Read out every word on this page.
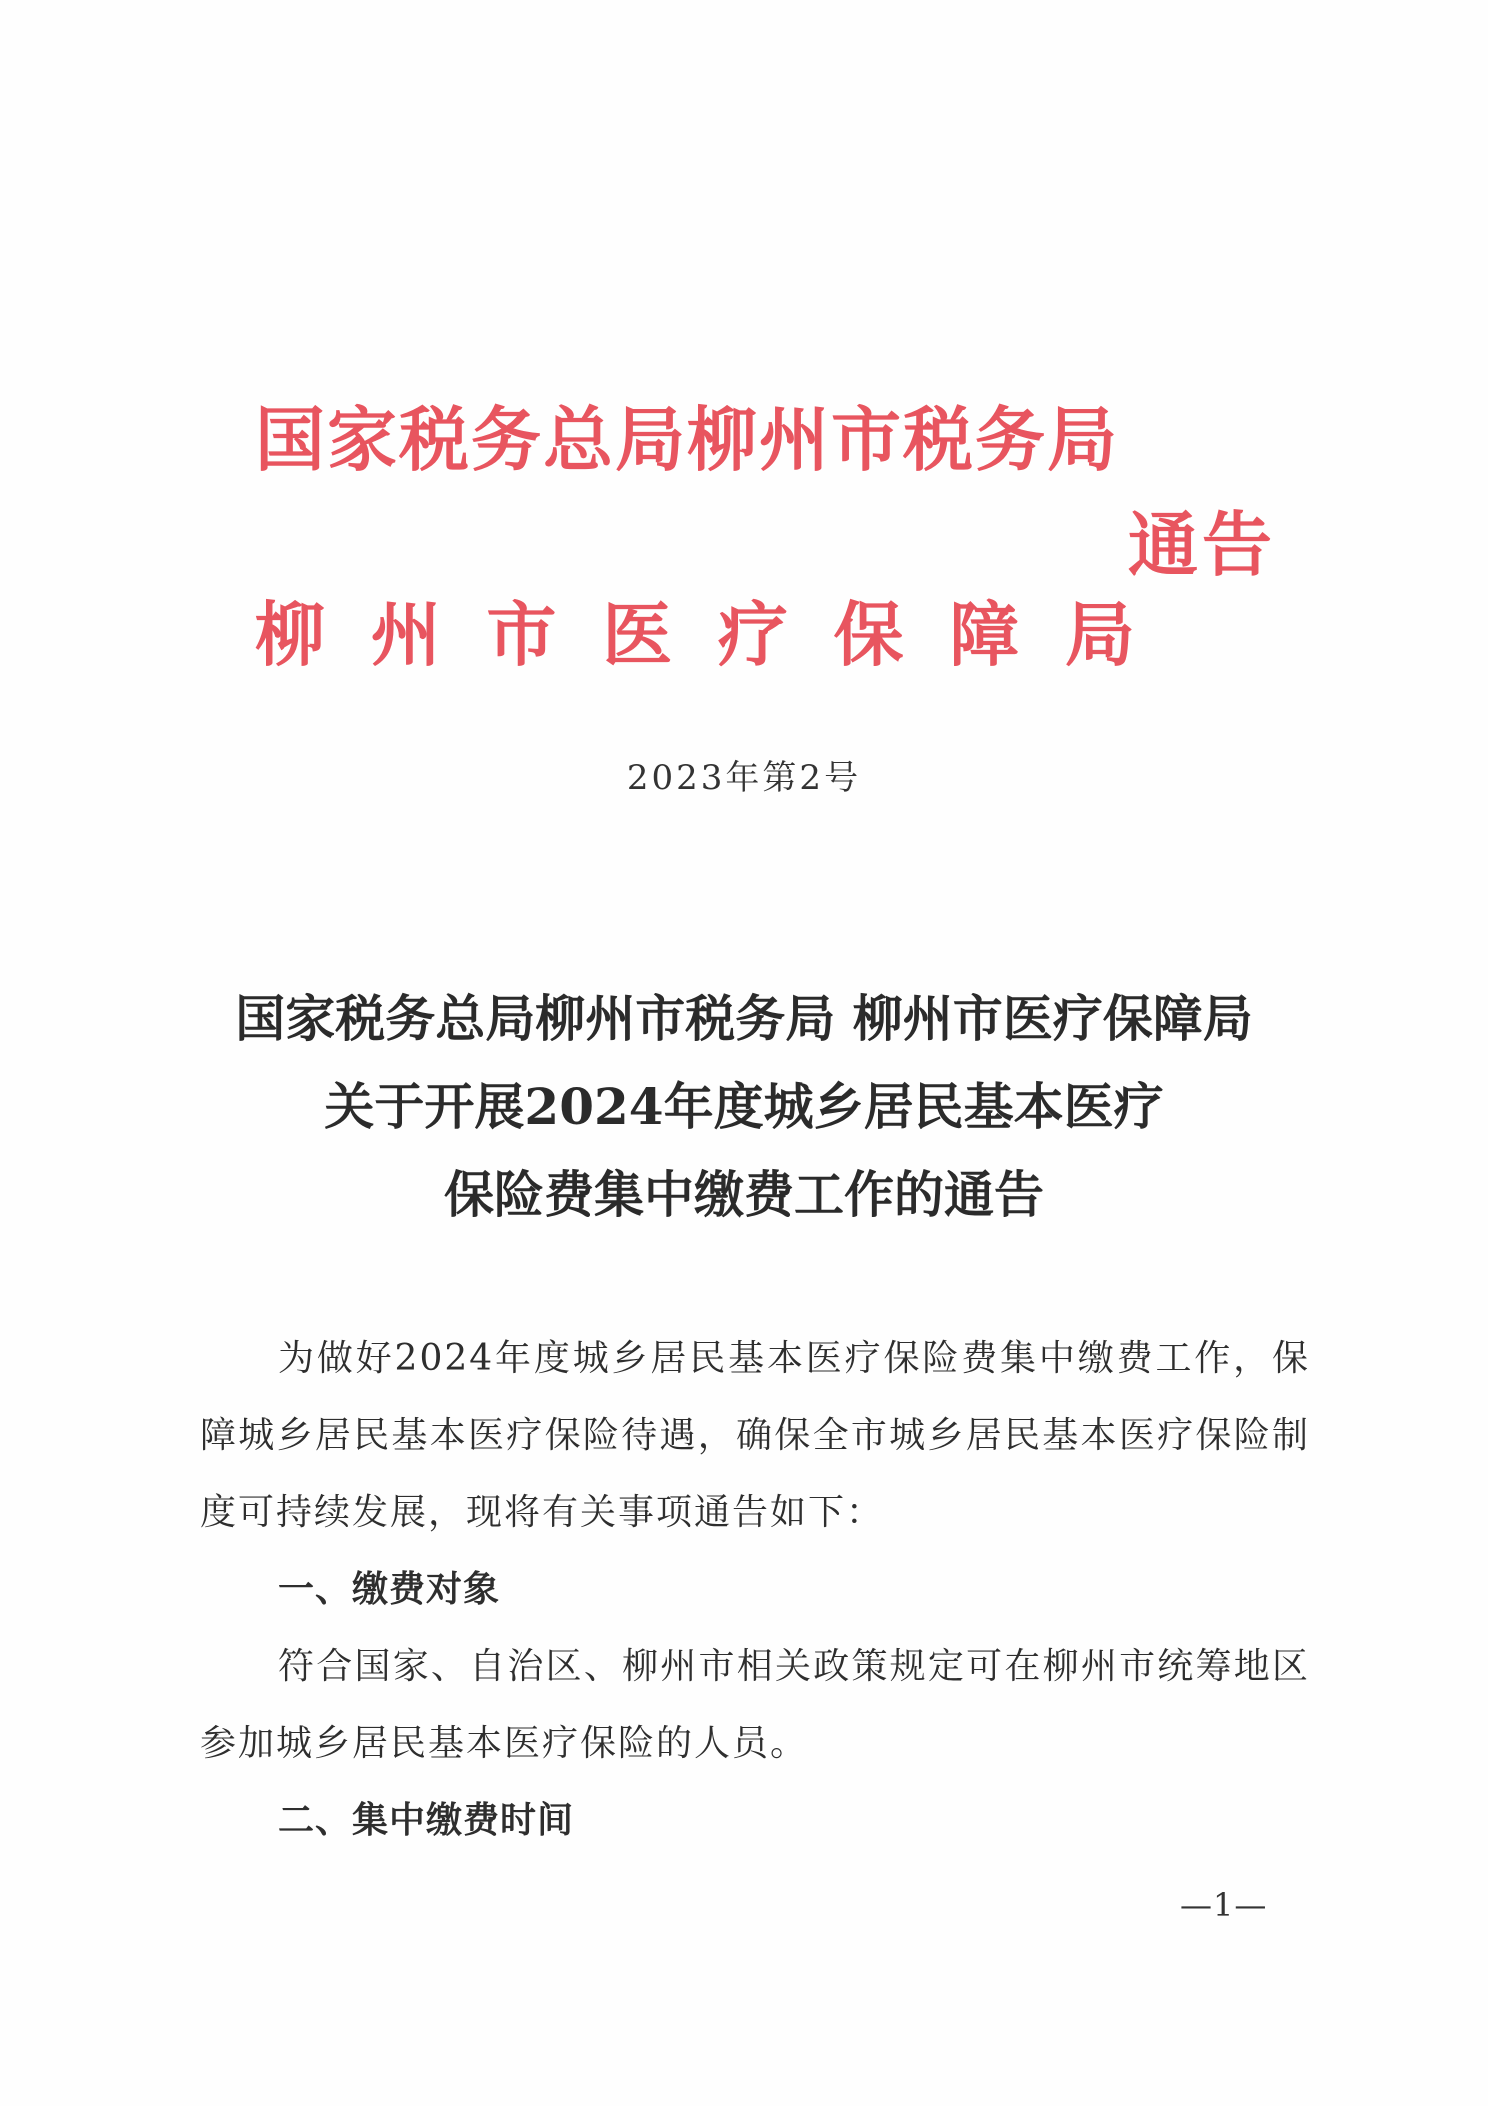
国家税务总局柳州市税务局
通告
柳 州 市 医 疗 保 障 局
2023年第2号
国家税务总局柳州市税务局 柳州市医疗保障局
关于开展2024年度城乡居民基本医疗
保险费集中缴费工作的通告

为做好2024年度城乡居民基本医疗保险费集中缴费工作，保障城乡居民基本医疗保险待遇，确保全市城乡居民基本医疗保险制度可持续发展，现将有关事项通告如下：

一、缴费对象

符合国家、自治区、柳州市相关政策规定可在柳州市统筹地区参加城乡居民基本医疗保险的人员。

二、集中缴费时间

—1—
